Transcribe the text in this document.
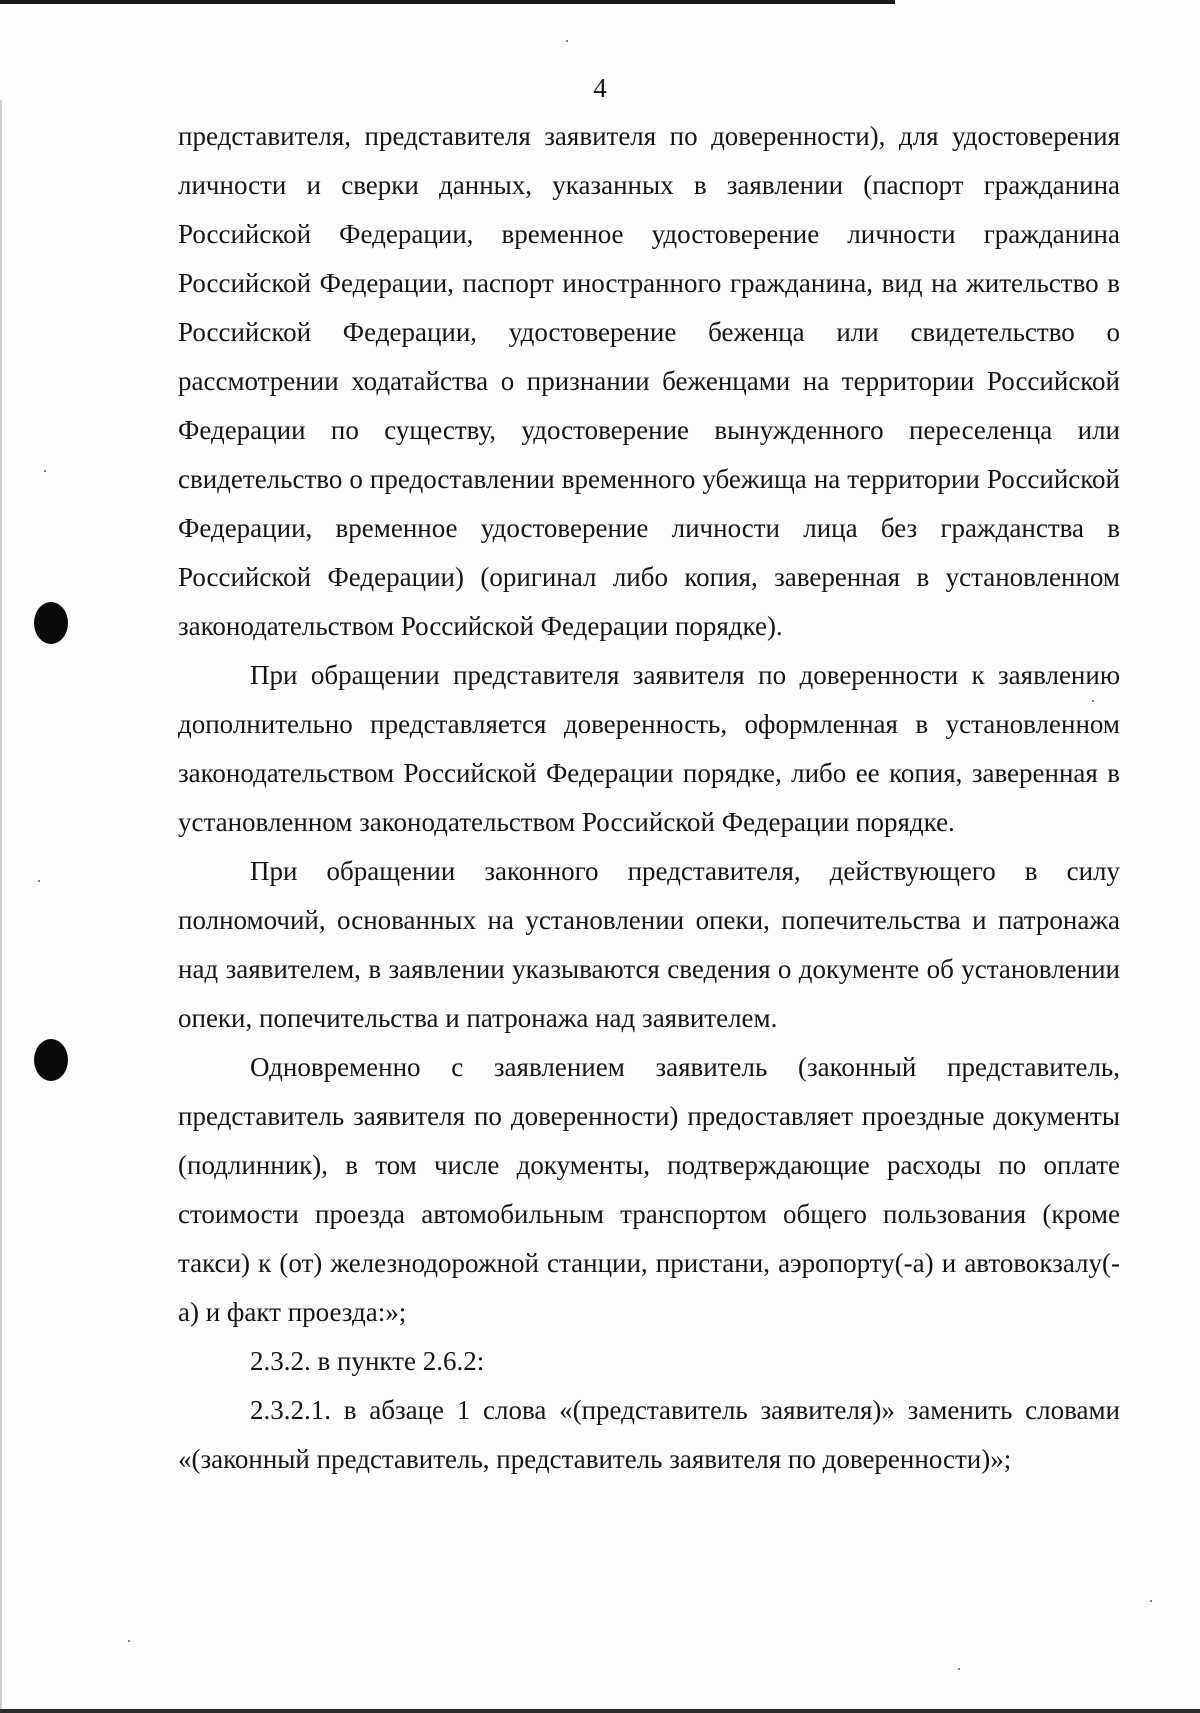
4

представителя, представителя заявителя по доверенности), для удостоверения личности и сверки данных, указанных в заявлении (паспорт гражданина Российской Федерации, временное удостоверение личности гражданина Российской Федерации, паспорт иностранного гражданина, вид на жительство в Российской Федерации, удостоверение беженца или свидетельство о рассмотрении ходатайства о признании беженцами на территории Российской Федерации по существу, удостоверение вынужденного переселенца или свидетельство о предоставлении временного убежища на территории Российской Федерации, временное удостоверение личности лица без гражданства в Российской Федерации) (оригинал либо копия, заверенная в установленном законодательством Российской Федерации порядке).

При обращении представителя заявителя по доверенности к заявлению дополнительно представляется доверенность, оформленная в установленном законодательством Российской Федерации порядке, либо ее копия, заверенная в установленном законодательством Российской Федерации порядке.

При обращении законного представителя, действующего в силу полномочий, основанных на установлении опеки, попечительства и патронажа над заявителем, в заявлении указываются сведения о документе об установлении опеки, попечительства и патронажа над заявителем.

Одновременно с заявлением заявитель (законный представитель, представитель заявителя по доверенности) предоставляет проездные документы (подлинник), в том числе документы, подтверждающие расходы по оплате стоимости проезда автомобильным транспортом общего пользования (кроме такси) к (от) железнодорожной станции, пристани, аэропорту(-а) и автовокзалу(-а) и факт проезда:»;

2.3.2. в пункте 2.6.2:

2.3.2.1. в абзаце 1 слова «(представитель заявителя)» заменить словами «(законный представитель, представитель заявителя по доверенности)»;
